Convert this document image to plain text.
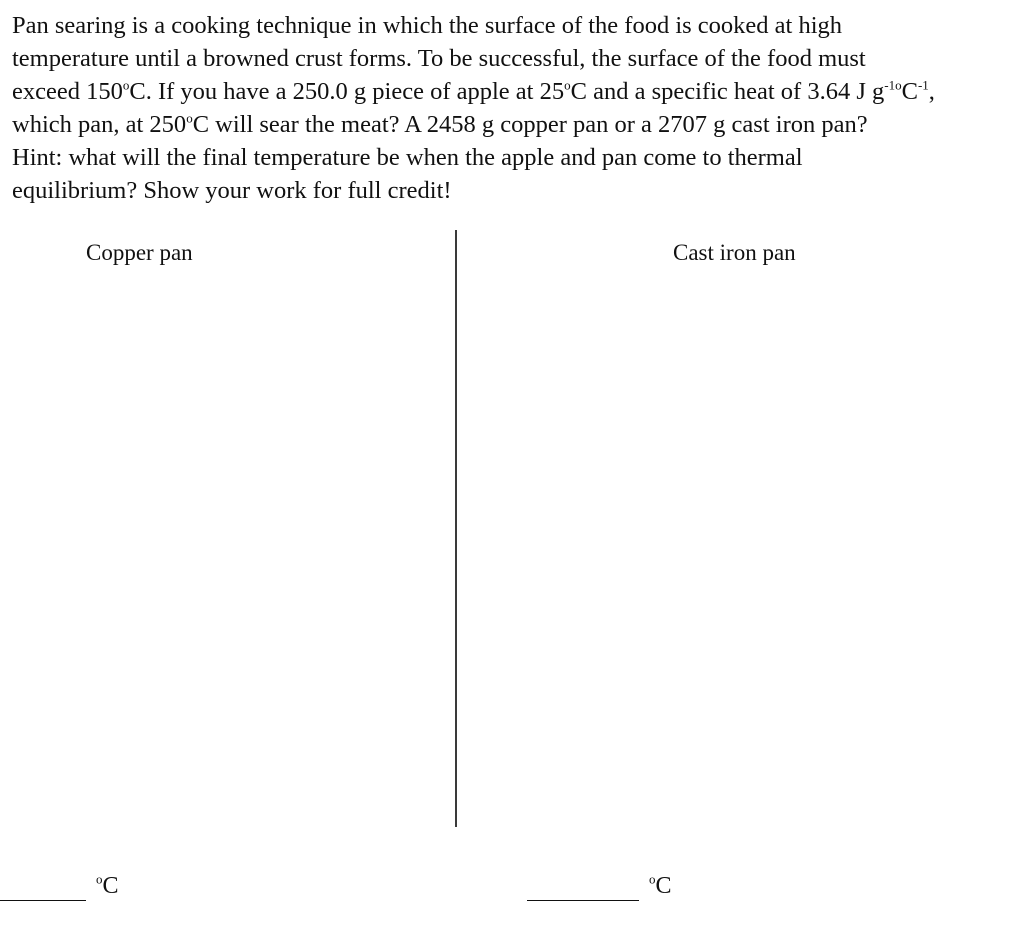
Pan searing is a cooking technique in which the surface of the food is cooked at high
temperature until a browned crust forms. To be successful, the surface of the food must
exceed 150$^o$C. If you have a 250.0 g piece of apple at 25$^o$C and a specific heat of 3.64 J $g^{-1o}C^{-1}$,
which pan, at 250$^o$C will sear the meat? A 2458 g copper pan or a 2707 g cast iron pan?
Hint: what will the final temperature be when the apple and pan come to thermal
equilibrium? Show your work for full credit!

Copper pan	Cast iron pan
$^o$C	$^o$C
